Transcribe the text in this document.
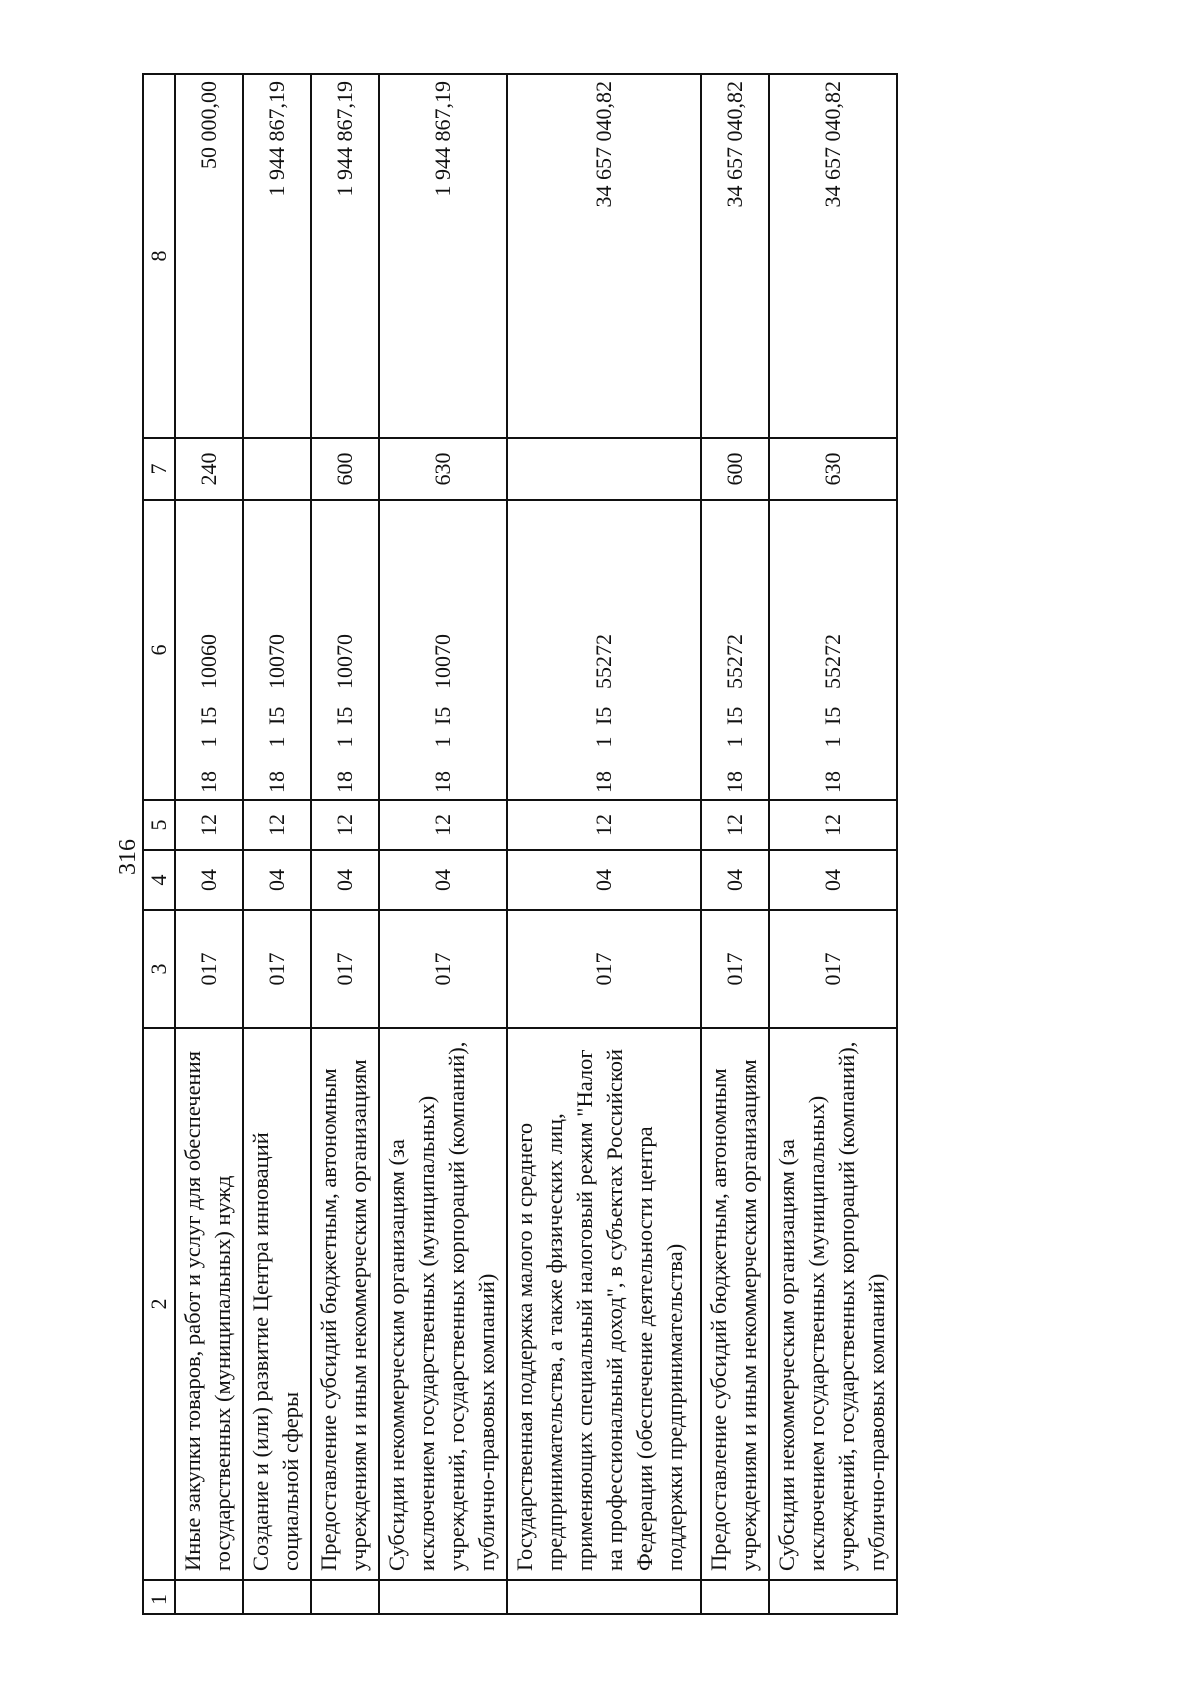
316
1	2	3	4	5	6	7	8
	Иные закупки товаров, работ и услуг для обеспечения государственных (муниципальных) нужд	017	04	12	181I510060	240	50 000,00
	Создание и (или) развитие Центра инноваций социальной сферы	017	04	12	181I510070		1 944 867,19
	Предоставление субсидий бюджетным, автономным учреждениям и иным некоммерческим организациям	017	04	12	181I510070	600	1 944 867,19
	Субсидии некоммерческим организациям (за исключением государственных (муниципальных) учреждений, государственных корпораций (компаний), публично-правовых компаний)	017	04	12	181I510070	630	1 944 867,19
	Государственная поддержка малого и среднего предпринимательства, а также физических лиц, применяющих специальный налоговый режим "Налог на профессиональный доход", в субъектах Российской Федерации (обеспечение деятельности центра поддержки предпринимательства)	017	04	12	181I555272		34 657 040,82
	Предоставление субсидий бюджетным, автономным учреждениям и иным некоммерческим организациям	017	04	12	181I555272	600	34 657 040,82
	Субсидии некоммерческим организациям (за исключением государственных (муниципальных) учреждений, государственных корпораций (компаний), публично-правовых компаний)	017	04	12	181I555272	630	34 657 040,82
